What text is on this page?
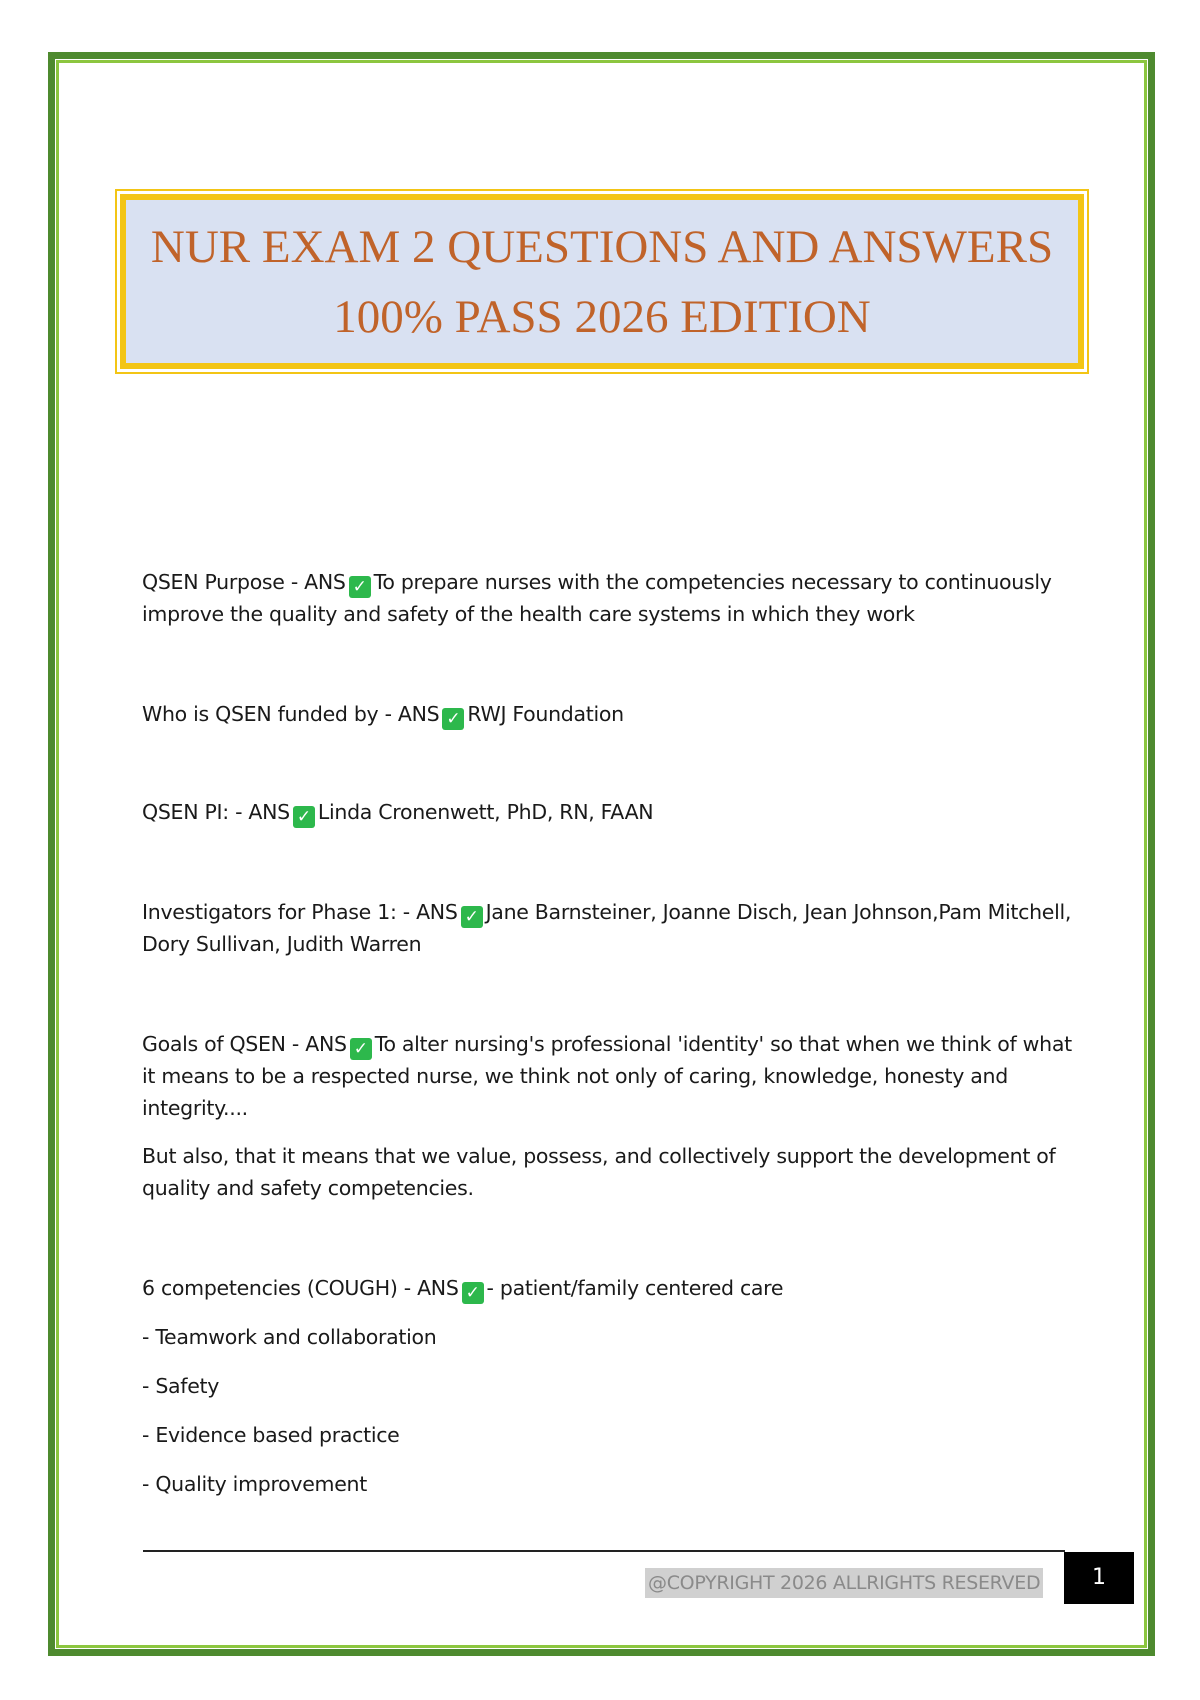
NUR EXAM 2 QUESTIONS AND ANSWERS
100% PASS 2026 EDITION

QSEN Purpose - ANS ✓ To prepare nurses with the competencies necessary to continuously improve the quality and safety of the health care systems in which they work

Who is QSEN funded by - ANS ✓ RWJ Foundation

QSEN PI: - ANS ✓ Linda Cronenwett, PhD, RN, FAAN

Investigators for Phase 1: - ANS ✓ Jane Barnsteiner, Joanne Disch, Jean Johnson,Pam Mitchell, Dory Sullivan, Judith Warren

Goals of QSEN - ANS ✓ To alter nursing's professional 'identity' so that when we think of what it means to be a respected nurse, we think not only of caring, knowledge, honesty and integrity....

But also, that it means that we value, possess, and collectively support the development of quality and safety competencies.

6 competencies (COUGH) - ANS ✓ - patient/family centered care

- Teamwork and collaboration

- Safety

- Evidence based practice

- Quality improvement

@COPYRIGHT 2026 ALLRIGHTS RESERVED	1
